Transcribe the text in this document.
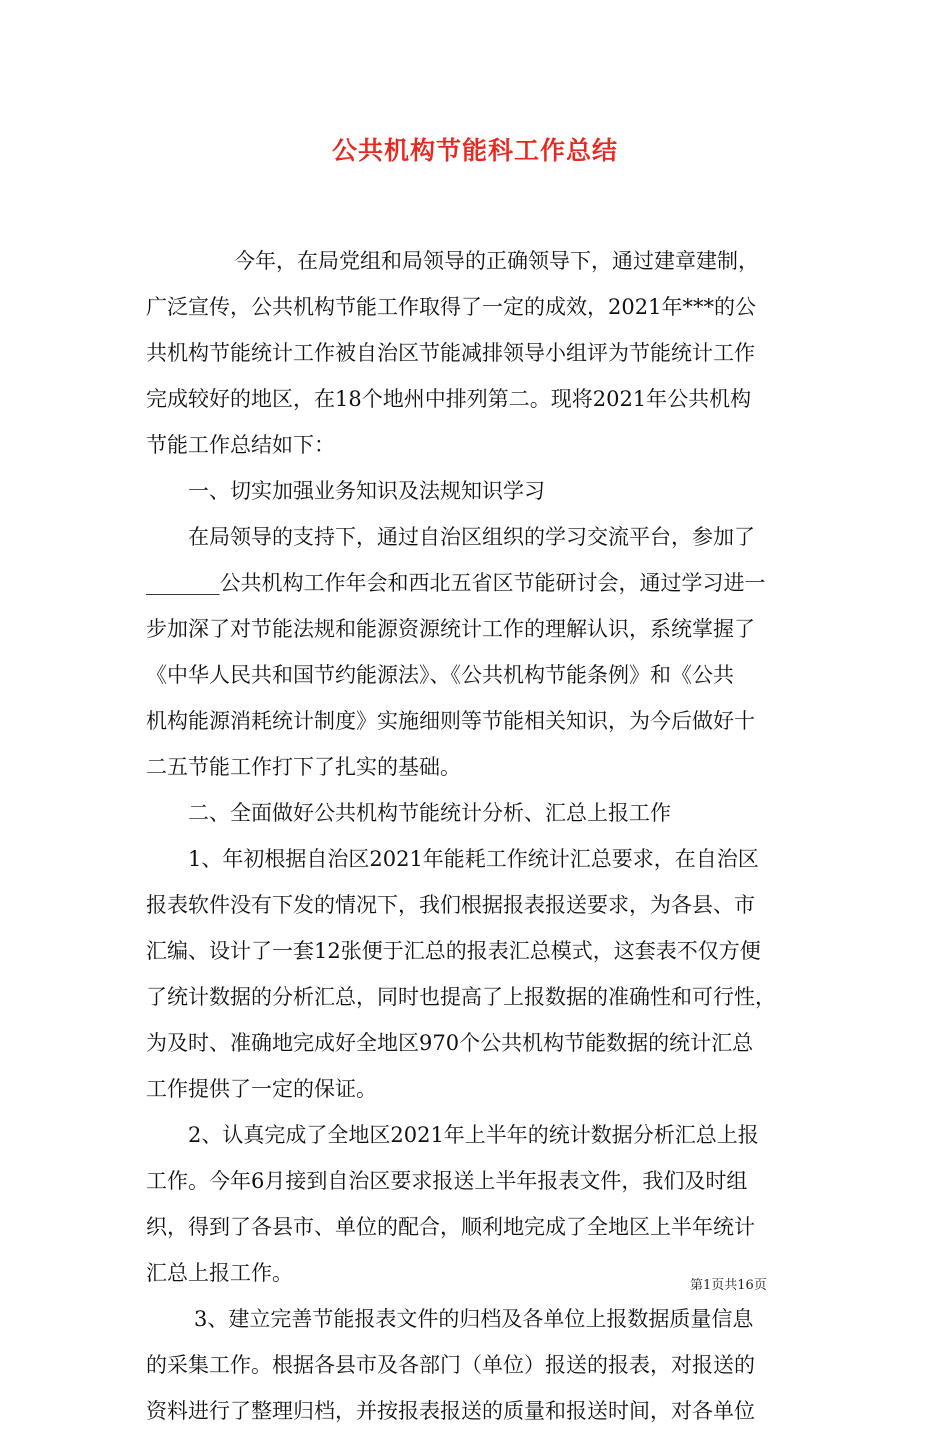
公共机构节能科工作总结
今年，在局党组和局领导的正确领导下，通过建章建制，
广泛宣传，公共机构节能工作取得了一定的成效，2021年***的公
共机构节能统计工作被自治区节能减排领导小组评为节能统计工作
完成较好的地区，在18个地州中排列第二。现将2021年公共机构
节能工作总结如下：
一、切实加强业务知识及法规知识学习
在局领导的支持下，通过自治区组织的学习交流平台，参加了
_______公共机构工作年会和西北五省区节能研讨会，通过学习进一
步加深了对节能法规和能源资源统计工作的理解认识，系统掌握了
《中华人民共和国节约能源法》、《公共机构节能条例》和《公共
机构能源消耗统计制度》实施细则等节能相关知识，为今后做好十
二五节能工作打下了扎实的基础。
二、全面做好公共机构节能统计分析、汇总上报工作
1、年初根据自治区2021年能耗工作统计汇总要求，在自治区
报表软件没有下发的情况下，我们根据报表报送要求，为各县、市
汇编、设计了一套12张便于汇总的报表汇总模式，这套表不仅方便
了统计数据的分析汇总，同时也提高了上报数据的准确性和可行性，
为及时、准确地完成好全地区970个公共机构节能数据的统计汇总
工作提供了一定的保证。
2、认真完成了全地区2021年上半年的统计数据分析汇总上报
工作。今年6月接到自治区要求报送上半年报表文件，我们及时组
织，得到了各县市、单位的配合，顺利地完成了全地区上半年统计
汇总上报工作。
3、建立完善节能报表文件的归档及各单位上报数据质量信息
的采集工作。根据各县市及各部门（单位）报送的报表，对报送的
资料进行了整理归档，并按报表报送的质量和报送时间，对各单位
第1页共16页
